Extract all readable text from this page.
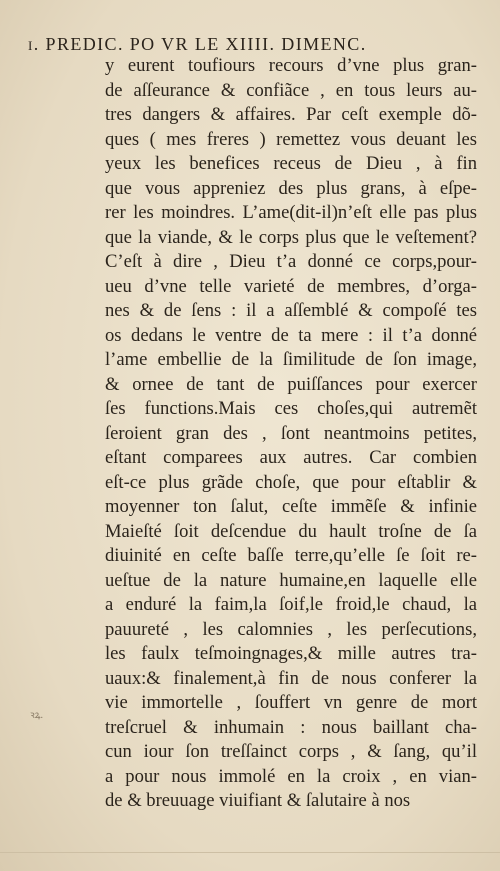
ı. PREDIC. PO VR LE XIIII. DIMENC.
y eurent toufiours recours d’vne plus gran-
de aſſeurance & confiãce , en tous leurs au-
tres dangers & affaires. Par ceſt exemple dõ-
ques ( mes freres ) remettez vous deuant les
yeux les benefices receus de Dieu , à fin
que vous appreniez des plus grans, à eſpe-
rer les moindres. L’ame(dit-il)n’eſt elle pas plus
que la viande, & le corps plus que le veſtement?
C’eſt à dire , Dieu t’a donné ce corps,pour-
ueu d’vne telle varieté de membres, d’orga-
nes & de ſens : il a aſſemblé & compoſé tes
os dedans le ventre de ta mere : il t’a donné
l’ame embellie de la ſimilitude de ſon image,
& ornee de tant de puiſſances pour exercer
ſes functions.Mais ces choſes,qui autremẽt
ſeroient gran des , ſont neantmoins petites,
eſtant comparees aux autres. Car combien
eſt-ce plus grãde choſe, que pour eſtablir &
moyenner ton ſalut, ceſte immẽſe & infinie
Maieſté ſoit deſcendue du hault troſne de ſa
diuinité en ceſte baſſe terre,qu’elle ſe ſoit re-
ueſtue de la nature humaine,en laquelle elle
a enduré la faim,la ſoif,le froid,le chaud, la
pauureté , les calomnies , les perſecutions,
les faulx teſmoingnages,& mille autres tra-
uaux:& finalement,à fin de nous conferer la
vie immortelle , ſouffert vn genre de mort
treſcruel & inhumain : nous baillant cha-
cun iour ſon treſſainct corps , & ſang, qu’il
a pour nous immolé en la croix , en vian-
de & breuuage viuifiant & ſalutaire à nos
ꝛꝝ.
